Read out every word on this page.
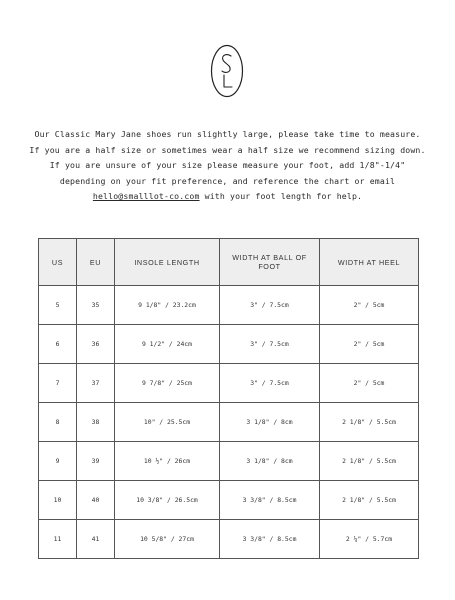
Our Classic Mary Jane shoes run slightly large, please take time to measure.

If you are a half size or sometimes wear a half size we recommend sizing down.

If you are unsure of your size please measure your foot, add 1/8"-1/4"

depending on your fit preference, and reference the chart or email

hello@smalllot-co.com with your foot length for help.

US	EU	INSOLE LENGTH	WIDTH AT BALL OF FOOT	WIDTH AT HEEL
5	35	9 1/8" / 23.2cm	3" / 7.5cm	2" / 5cm
6	36	9 1/2" / 24cm	3" / 7.5cm	2" / 5cm
7	37	9 7/8" / 25cm	3" / 7.5cm	2" / 5cm
8	38	10" / 25.5cm	3 1/8" / 8cm	2 1/8" / 5.5cm
9	39	10 ½" / 26cm	3 1/8" / 8cm	2 1/8" / 5.5cm
10	40	10 3/8" / 26.5cm	3 3/8" / 8.5cm	2 1/8" / 5.5cm
11	41	10 5/8" / 27cm	3 3/8" / 8.5cm	2 ¼" / 5.7cm
